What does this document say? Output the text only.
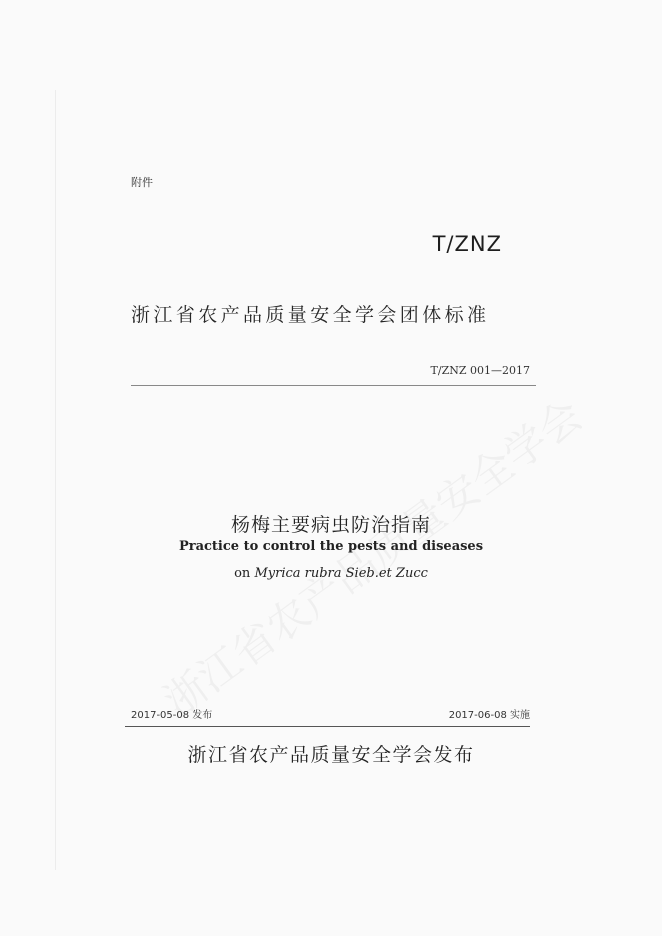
附件
T/ZNZ
浙江省农产品质量安全学会团体标准
T/ZNZ 001—2017
杨梅主要病虫防治指南
Practice to control the pests and diseases
on Myrica rubra Sieb.et Zucc
2017-05-08 发布	2017-06-08 实施
浙江省农产品质量安全学会发布
